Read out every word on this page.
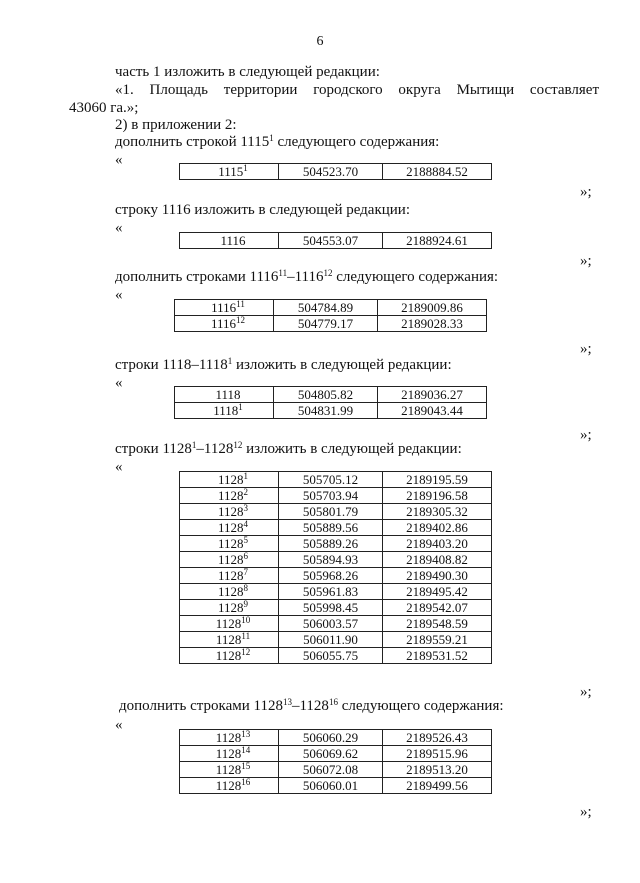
6
часть 1 изложить в следующей редакции:
«1. Площадь территории городского округа Мытищи составляет
43060 га.»;
2) в приложении 2:
дополнить строкой 1115$^1$ следующего содержания:
«
1115$^1$	504523.70	2188884.52
»;
строку 1116 изложить в следующей редакции:
«
1116	504553.07	2188924.61
»;
дополнить строками 1116$^{11}$–1116$^{12}$ следующего содержания:
«
1116$^{11}$	504784.89	2189009.86
1116$^{12}$	504779.17	2189028.33
»;
строки 1118–1118$^1$ изложить в следующей редакции:
«
1118	504805.82	2189036.27
1118$^1$	504831.99	2189043.44
»;
строки 1128$^1$–1128$^{12}$ изложить в следующей редакции:
«
1128$^1$	505705.12	2189195.59
1128$^2$	505703.94	2189196.58
1128$^3$	505801.79	2189305.32
1128$^4$	505889.56	2189402.86
1128$^5$	505889.26	2189403.20
1128$^6$	505894.93	2189408.82
1128$^7$	505968.26	2189490.30
1128$^8$	505961.83	2189495.42
1128$^9$	505998.45	2189542.07
1128$^{10}$	506003.57	2189548.59
1128$^{11}$	506011.90	2189559.21
1128$^{12}$	506055.75	2189531.52
»;
дополнить строками 1128$^{13}$–1128$^{16}$ следующего содержания:
«
1128$^{13}$	506060.29	2189526.43
1128$^{14}$	506069.62	2189515.96
1128$^{15}$	506072.08	2189513.20
1128$^{16}$	506060.01	2189499.56
»;
